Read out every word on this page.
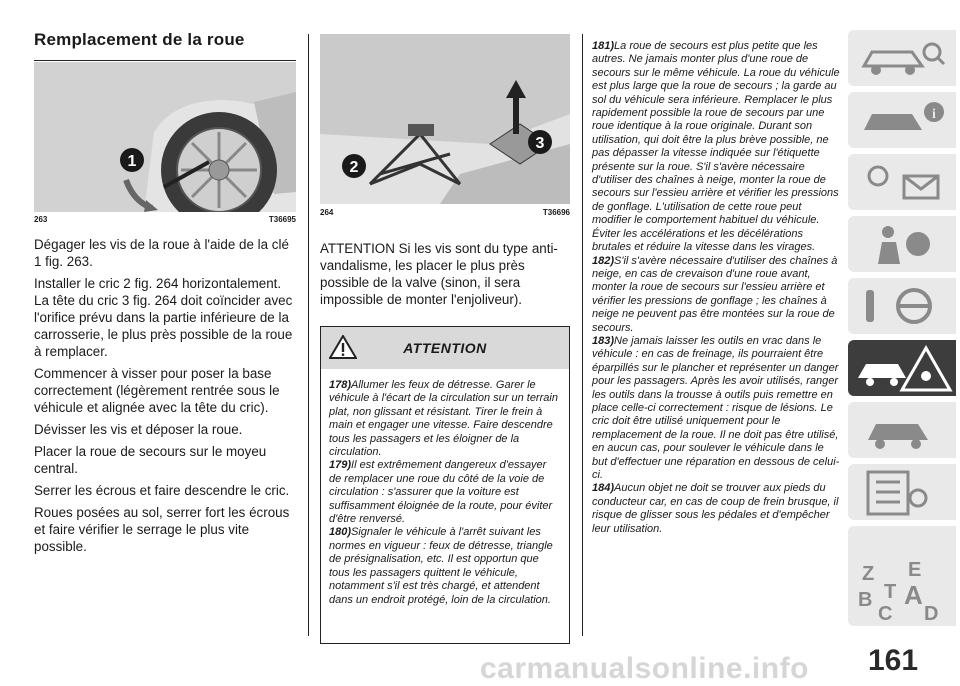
Remplacement de la roue
1
263	T36695

Dégager les vis de la roue à l'aide de la clé 1 fig. 263.

Installer le cric 2 fig. 264 horizontalement. La tête du cric 3 fig. 264 doit coïncider avec l'orifice prévu dans la partie inférieure de la carrosserie, le plus près possible de la roue à remplacer.

Commencer à visser pour poser la base correctement (légèrement rentrée sous le véhicule et alignée avec la tête du cric).

Dévisser les vis et déposer la roue.

Placer la roue de secours sur le moyeu central.

Serrer les écrous et faire descendre le cric.

Roues posées au sol, serrer fort les écrous et faire vérifier le serrage le plus vite possible.

2
3
264	T36696
ATTENTION Si les vis sont du type anti-vandalisme, les placer le plus près possible de la valve (sinon, il sera impossible de monter l'enjoliveur).
ATTENTION
178)Allumer les feux de détresse. Garer le véhicule à l'écart de la circulation sur un terrain plat, non glissant et résistant. Tirer le frein à main et engager une vitesse. Faire descendre tous les passagers et les éloigner de la circulation.
179)Il est extrêmement dangereux d'essayer de remplacer une roue du côté de la voie de circulation : s'assurer que la voiture est suffisamment éloignée de la route, pour éviter d'être renversé.
180)Signaler le véhicule à l'arrêt suivant les normes en vigueur : feux de détresse, triangle de présignalisation, etc. Il est opportun que tous les passagers quittent le véhicule, notamment s'il est très chargé, et attendent dans un endroit protégé, loin de la circulation.
181)La roue de secours est plus petite que les autres. Ne jamais monter plus d'une roue de secours sur le même véhicule. La roue du véhicule est plus large que la roue de secours ; la garde au sol du véhicule sera inférieure. Remplacer le plus rapidement possible la roue de secours par une roue identique à la roue originale. Durant son utilisation, qui doit être la plus brève possible, ne pas dépasser la vitesse indiquée sur l'étiquette présente sur la roue. S'il s'avère nécessaire d'utiliser des chaînes à neige, monter la roue de secours sur l'essieu arrière et vérifier les pressions de gonflage. L'utilisation de cette roue peut modifier le comportement habituel du véhicule. Éviter les accélérations et les décélérations brutales et réduire la vitesse dans les virages.
182)S'il s'avère nécessaire d'utiliser des chaînes à neige, en cas de crevaison d'une roue avant, monter la roue de secours sur l'essieu arrière et vérifier les pressions de gonflage ; les chaînes à neige ne peuvent pas être montées sur la roue de secours.
183)Ne jamais laisser les outils en vrac dans le véhicule : en cas de freinage, ils pourraient être éparpillés sur le plancher et représenter un danger pour les passagers. Après les avoir utilisés, ranger les outils dans la trousse à outils puis remettre en place celle-ci correctement : risque de lésions. Le cric doit être utilisé uniquement pour le remplacement de la roue. Il ne doit pas être utilisé, en aucun cas, pour soulever le véhicule dans le but d'effectuer une réparation en dessous de celui-ci.
184)Aucun objet ne doit se trouver aux pieds du conducteur car, en cas de coup de frein brusque, il risque de glisser sous les pédales et d'empêcher leur utilisation.
i
Z E
B A
C
T
D
carmanualsonline.info 161
